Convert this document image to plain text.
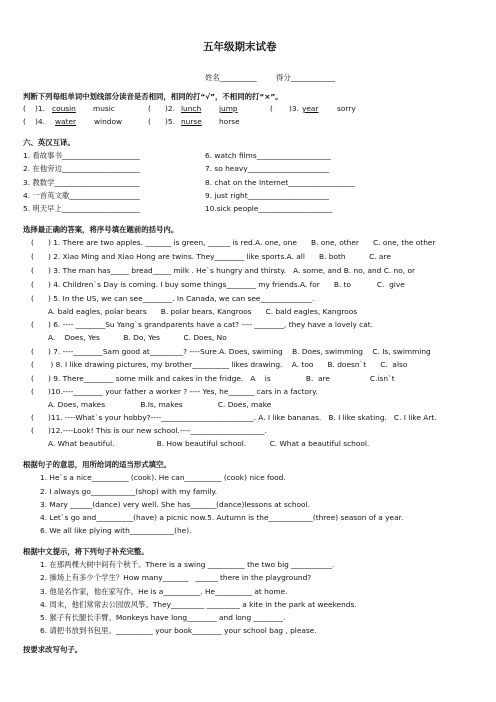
五年级期末试卷
姓名__________	得分____________
判断下列每组单词中划线部分读音是否相同，相同的打“√”，不相同的打“×”。
( )1. cousin music	( )2. lunch jump	( )3. year	sorry
( )4. water window	( )5. nurse horse
六、英汉互译。
1. 看故事书_____________________
2. 在他旁边_____________________
3. 教数学_______________________
4. 一首英文歌___________________
5. 明天早上_____________________
6. watch films____________________
7. so heavy______________________
8. chat on the Internet__________________
9. just right______________________
10.sick people____________________
选择最正确的答案，将序号填在题前的括号内。
( ) 1. There are two apples. _______ is green, ______ is red.A. one, one      B. one, other      C. one, the other
( ) 2. Xiao Ming and Xiao Hong are twins. They________ like sports.A. all      B. both          C. are
( ) 3. The man has_____ bread_____ milk . He`s hungry and thirsty.   A. some, and B. no, and C. no, or
( ) 4. Children`s Day is coming. I buy some things________ my friends.A. for      B. to           C.  give
( ) 5. In the US, we can see________. In Canada, we can see______________.
A. bald eagles, polar bears      B. polar bears, Kangroos      C. bald eagles, Kangroos
( ) 6. ---- ________Su Yang`s grandparents have a cat? ---- ________, they have a lovely cat.
A.    Does, Yes          B. Do, Yes          C. Does, No
( ) 7. ----________Sam good at_________? ----Sure.A. Does, swiming    B. Does, swimming    C. Is, swimming
( ) 8. I like drawing pictures, my brother__________ likes drawing.    A. too      B. doesn`t      C.  also
( ) 9. There________ some milk and cakes in the fridge.   A    is               B.  are                 C.isn`t
( )10.----________ your father a worker ? ---- Yes, he_______ cars in a factory.
A. Does, makes               B.Is, makes               C. Does, make
( )11. ----What`s your hobby?----_________________________. A. I like bananas.   B. I like skating.   C. I like Art.
( )12.----Look! This is our new school.----____________________.
A. What beautiful.                  B. How beautiful school.          C. What a beautiful school.
根据句子的意思，用所给词的适当形式填空。
1. He`s a nice__________ (cook). He can__________ (cook) nice food.
2. I always go____________(shop) with my family.
3. Mary ______(dance) very well. She has_______(dance)lessons at school.
4. Let`s go and__________(have) a picnic now.5. Autumn is the____________(three) season of a year.
6. We all like plying with____________(he).
根据中文提示，将下列句子补充完整。
1. 在那两棵大树中间有个秋千。There is a swing __________ the two big ___________.
2. 操场上有多少个学生？How many_______   ______ there in the playground?
3. 他是名作家，他在家写作。He is a__________. He__________ at home.
4. 周末，他们常常去公园放风筝。They_________ _________ a kite in the park at weekends.
5. 猴子有长腿长手臂。Monkeys have long________ and long ________.
6. 请把书放到书包里。__________ your book________ your school bag , please.
按要求改写句子。
